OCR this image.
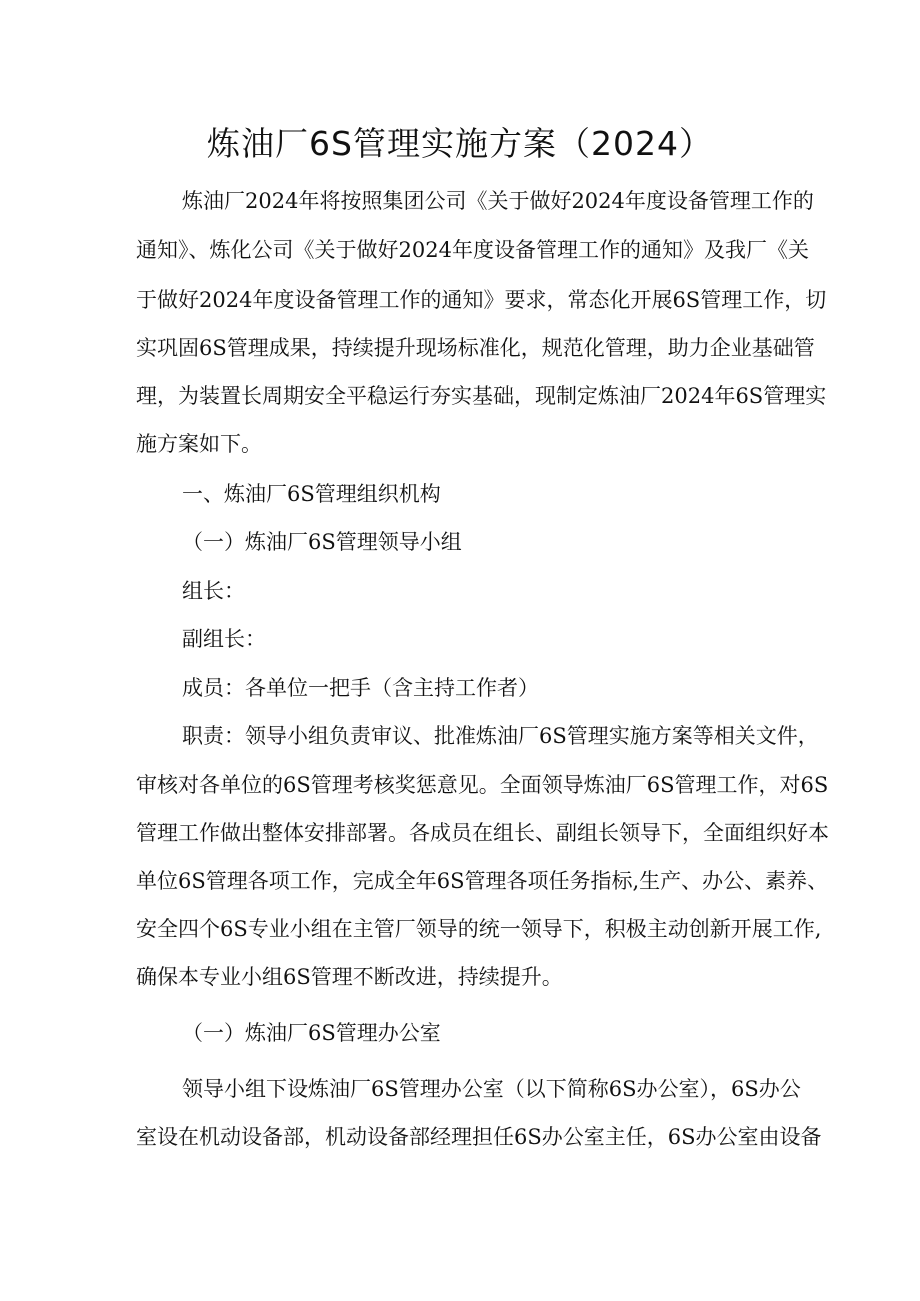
炼油厂6S管理实施方案（2024）

炼油厂2024年将按照集团公司《关于做好2024年度设备管理工作的

通知》、炼化公司《关于做好2024年度设备管理工作的通知》及我厂《关

于做好2024年度设备管理工作的通知》要求，常态化开展6S管理工作，切

实巩固6S管理成果，持续提升现场标准化，规范化管理，助力企业基础管

理，为装置长周期安全平稳运行夯实基础，现制定炼油厂2024年6S管理实

施方案如下。

一、炼油厂6S管理组织机构

（一）炼油厂6S管理领导小组

组长：

副组长：

成员：各单位一把手（含主持工作者）

职责：领导小组负责审议、批准炼油厂6S管理实施方案等相关文件，

审核对各单位的6S管理考核奖惩意见。全面领导炼油厂6S管理工作，对6S

管理工作做出整体安排部署。各成员在组长、副组长领导下，全面组织好本

单位6S管理各项工作，完成全年6S管理各项任务指标,生产、办公、素养、

安全四个6S专业小组在主管厂领导的统一领导下，积极主动创新开展工作,

确保本专业小组6S管理不断改进，持续提升。

（一）炼油厂6S管理办公室

领导小组下设炼油厂6S管理办公室（以下简称6S办公室），6S办公

室设在机动设备部，机动设备部经理担任6S办公室主任，6S办公室由设备
